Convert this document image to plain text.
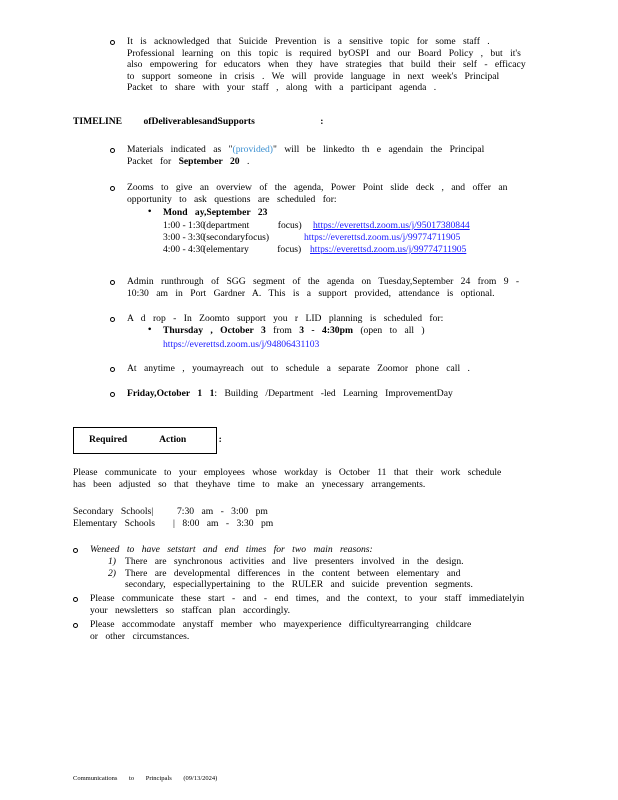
It is acknowledged that Suicide Prevention is a sensitive topic for some staff .
Professional learning on this topic is required byOSPI and our Board Policy , but it's
also empowering for educators when they have strategies that build their self - efficacy
to support someone in crisis . We will provide language in next week's Principal
Packet to share with your staff , along with a participant agenda .
TIMELINE ofDeliverablesandSupports	:
Materials indicated as "(provided)" will be linkedto th e agendain the Principal
Packet for September 20 .
Zooms to give an overview of the agenda, Power Point slide deck , and offer an
opportunity to ask questions are scheduled for:
• Mond ay,September 23
1:00 - 1:30
(department focus) https://everettsd.zoom.us/j/95017380844
3:00 - 3:30
(secondaryfocus)	https://everettsd.zoom.us/j/99774711905
4:00 - 4:30
(elementary focus) https://everettsd.zoom.us/j/99774711905
Admin runthrough of SGG segment of the agenda on Tuesday,September 24 from 9 -
10:30 am in Port Gardner A. This is a support provided, attendance is optional.
A d rop - In Zoomto support you r LID planning is scheduled for:
• Thursday , October 3 from 3 - 4:30pm (open to all )
https://everettsd.zoom.us/j/94806431103
At anytime , youmayreach out to schedule a separate Zoomor phone call .
Friday,October 1 1: Building /Department -led Learning ImprovementDay
Required Action :
Please communicate to your employees whose workday is October 11 that their work schedule
has been adjusted so that theyhave time to make an ynecessary arrangements.
Secondary Schools| 7:30 am - 3:00 pm
Elementary Schools | 8:00 am - 3:30 pm
Weneed to have setstart and end times for two main reasons:
1) There are synchronous activities and live presenters involved in the design.
2) There are developmental differences in the content between elementary and
secondary, especiallypertaining to the RULER and suicide prevention segments.
Please communicate these start - and - end times, and the context, to your staff immediatelyin
your newsletters so staffcan plan accordingly.
Please accommodate anystaff member who mayexperience difficultyrearranging childcare
or other circumstances.
Communications to Principals (09/13/2024)
